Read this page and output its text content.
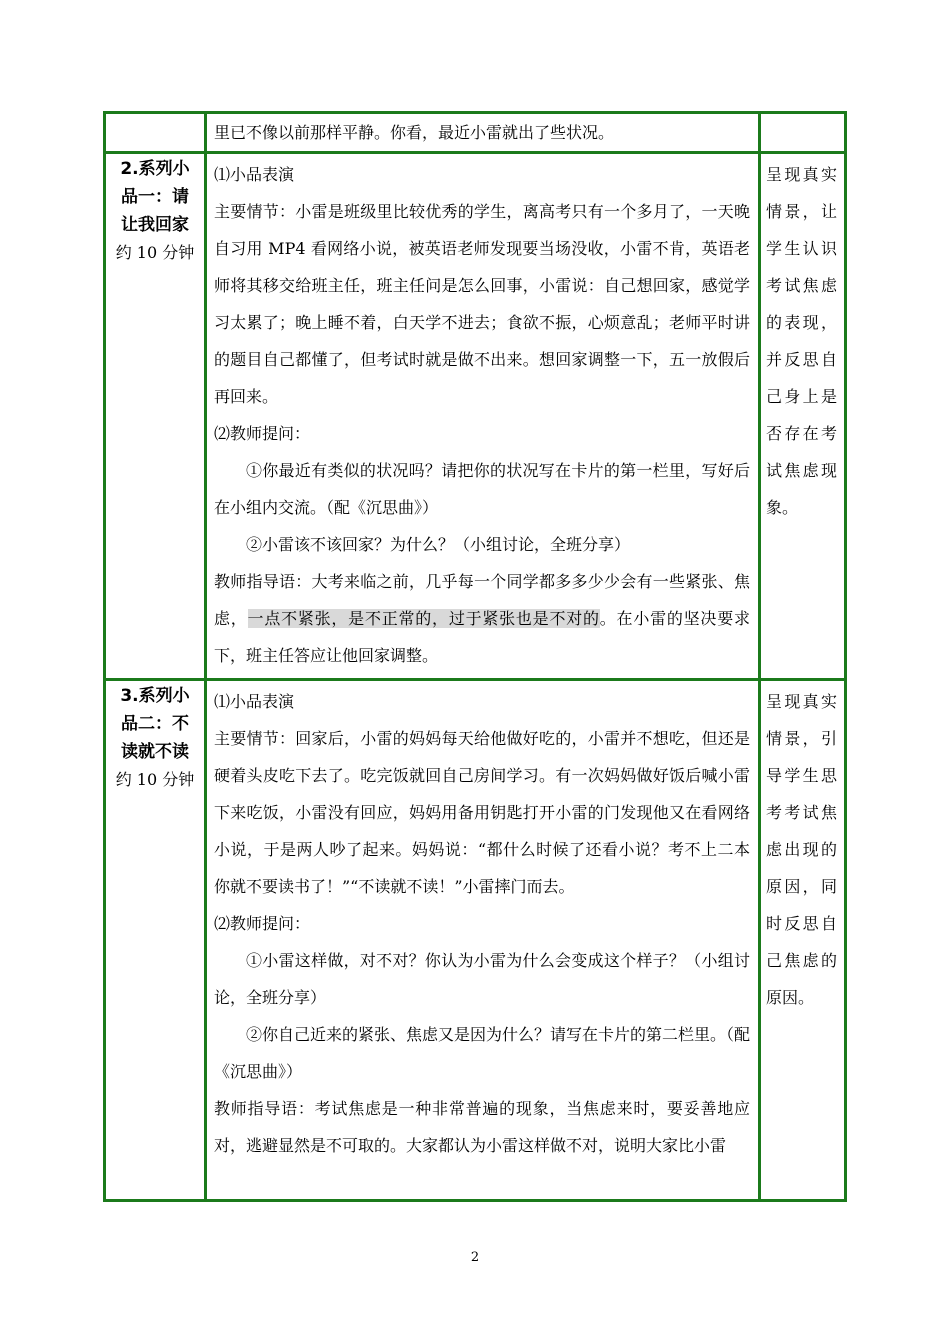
里已不像以前那样平静。你看，最近小雷就出了些状况。

2.系列小
品一：请
让我回家
约 10 分钟

⑴小品表演

主要情节：小雷是班级里比较优秀的学生，离高考只有一个多月了，一天晚自习用 MP4 看网络小说，被英语老师发现要当场没收，小雷不肯，英语老师将其移交给班主任，班主任问是怎么回事，小雷说：自己想回家，感觉学习太累了；晚上睡不着，白天学不进去；食欲不振，心烦意乱；老师平时讲的题目自己都懂了，但考试时就是做不出来。想回家调整一下，五一放假后再回来。

⑵教师提问：

①你最近有类似的状况吗？请把你的状况写在卡片的第一栏里，写好后在小组内交流。（配《沉思曲》）

②小雷该不该回家？为什么？（小组讨论，全班分享）

教师指导语：大考来临之前，几乎每一个同学都多多少少会有一些紧张、焦虑，一点不紧张，是不正常的，过于紧张也是不对的。在小雷的坚决要求下，班主任答应让他回家调整。

呈现真实情景，让学生认识考试焦虑的表现，并反思自己身上是否存在考试焦虑现象。
3.系列小
品二：不
读就不读
约 10 分钟

⑴小品表演

主要情节：回家后，小雷的妈妈每天给他做好吃的，小雷并不想吃，但还是硬着头皮吃下去了。吃完饭就回自己房间学习。有一次妈妈做好饭后喊小雷下来吃饭，小雷没有回应，妈妈用备用钥匙打开小雷的门发现他又在看网络小说，于是两人吵了起来。妈妈说：“都什么时候了还看小说？考不上二本你就不要读书了！”“不读就不读！”小雷摔门而去。

⑵教师提问：

①小雷这样做，对不对？你认为小雷为什么会变成这个样子？（小组讨论，全班分享）

②你自己近来的紧张、焦虑又是因为什么？请写在卡片的第二栏里。（配《沉思曲》）

教师指导语：考试焦虑是一种非常普遍的现象，当焦虑来时，要妥善地应对，逃避显然是不可取的。大家都认为小雷这样做不对，说明大家比小雷

呈现真实情景，引导学生思考考试焦虑出现的原因，同时反思自己焦虑的原因。
2
